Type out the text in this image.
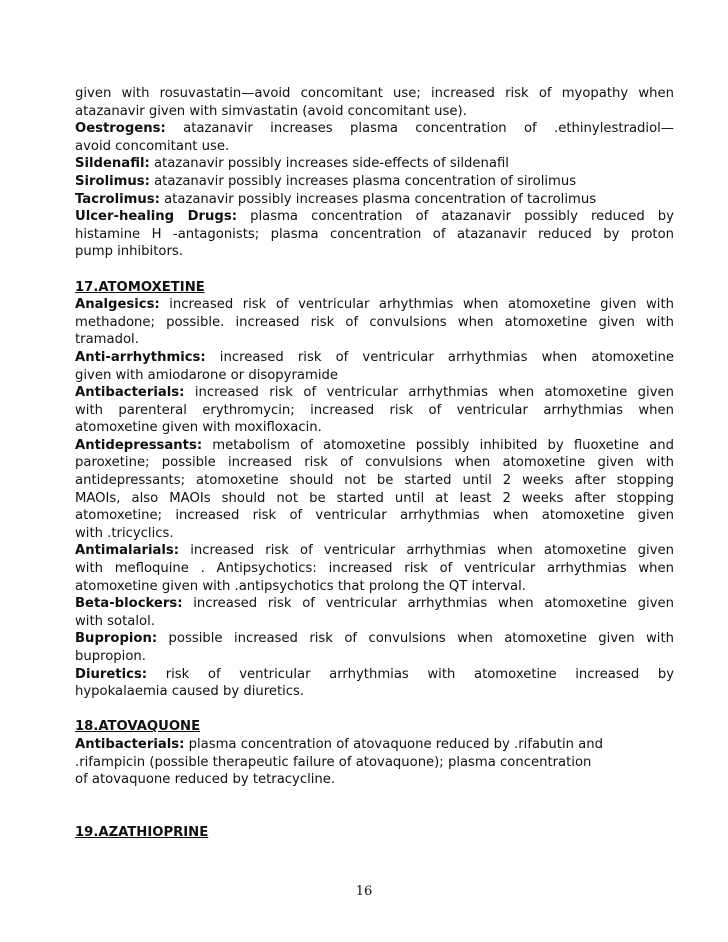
given with rosuvastatin—avoid concomitant use; increased risk of myopathy when
atazanavir given with simvastatin (avoid concomitant use).
Oestrogens: atazanavir increases plasma concentration of .ethinylestradiol—
avoid concomitant use.
Sildenafil: atazanavir possibly increases side-effects of sildenafil
Sirolimus: atazanavir possibly increases plasma concentration of sirolimus
Tacrolimus: atazanavir possibly increases plasma concentration of tacrolimus
Ulcer-healing Drugs: plasma concentration of atazanavir possibly reduced by
histamine H -antagonists; plasma concentration of atazanavir reduced by proton
pump inhibitors.
17.ATOMOXETINE
Analgesics: increased risk of ventricular arhythmias when atomoxetine given with
methadone; possible. increased risk of convulsions when atomoxetine given with
tramadol.
Anti-arrhythmics: increased risk of ventricular arrhythmias when atomoxetine
given with amiodarone or disopyramide
Antibacterials: increased risk of ventricular arrhythmias when atomoxetine given
with parenteral erythromycin; increased risk of ventricular arrhythmias when
atomoxetine given with moxifloxacin.
Antidepressants: metabolism of atomoxetine possibly inhibited by fluoxetine and
paroxetine; possible increased risk of convulsions when atomoxetine given with
antidepressants; atomoxetine should not be started until 2 weeks after stopping
MAOIs, also MAOIs should not be started until at least 2 weeks after stopping
atomoxetine; increased risk of ventricular arrhythmias when atomoxetine given
with .tricyclics.
Antimalarials: increased risk of ventricular arrhythmias when atomoxetine given
with mefloquine . Antipsychotics: increased risk of ventricular arrhythmias when
atomoxetine given with .antipsychotics that prolong the QT interval.
Beta-blockers: increased risk of ventricular arrhythmias when atomoxetine given
with sotalol.
Bupropion: possible increased risk of convulsions when atomoxetine given with
bupropion.
Diuretics: risk of ventricular arrhythmias with atomoxetine increased by
hypokalaemia caused by diuretics.
18.ATOVAQUONE
Antibacterials: plasma concentration of atovaquone reduced by .rifabutin and
.rifampicin (possible therapeutic failure of atovaquone); plasma concentration
of atovaquone reduced by tetracycline.
19.AZATHIOPRINE
16
